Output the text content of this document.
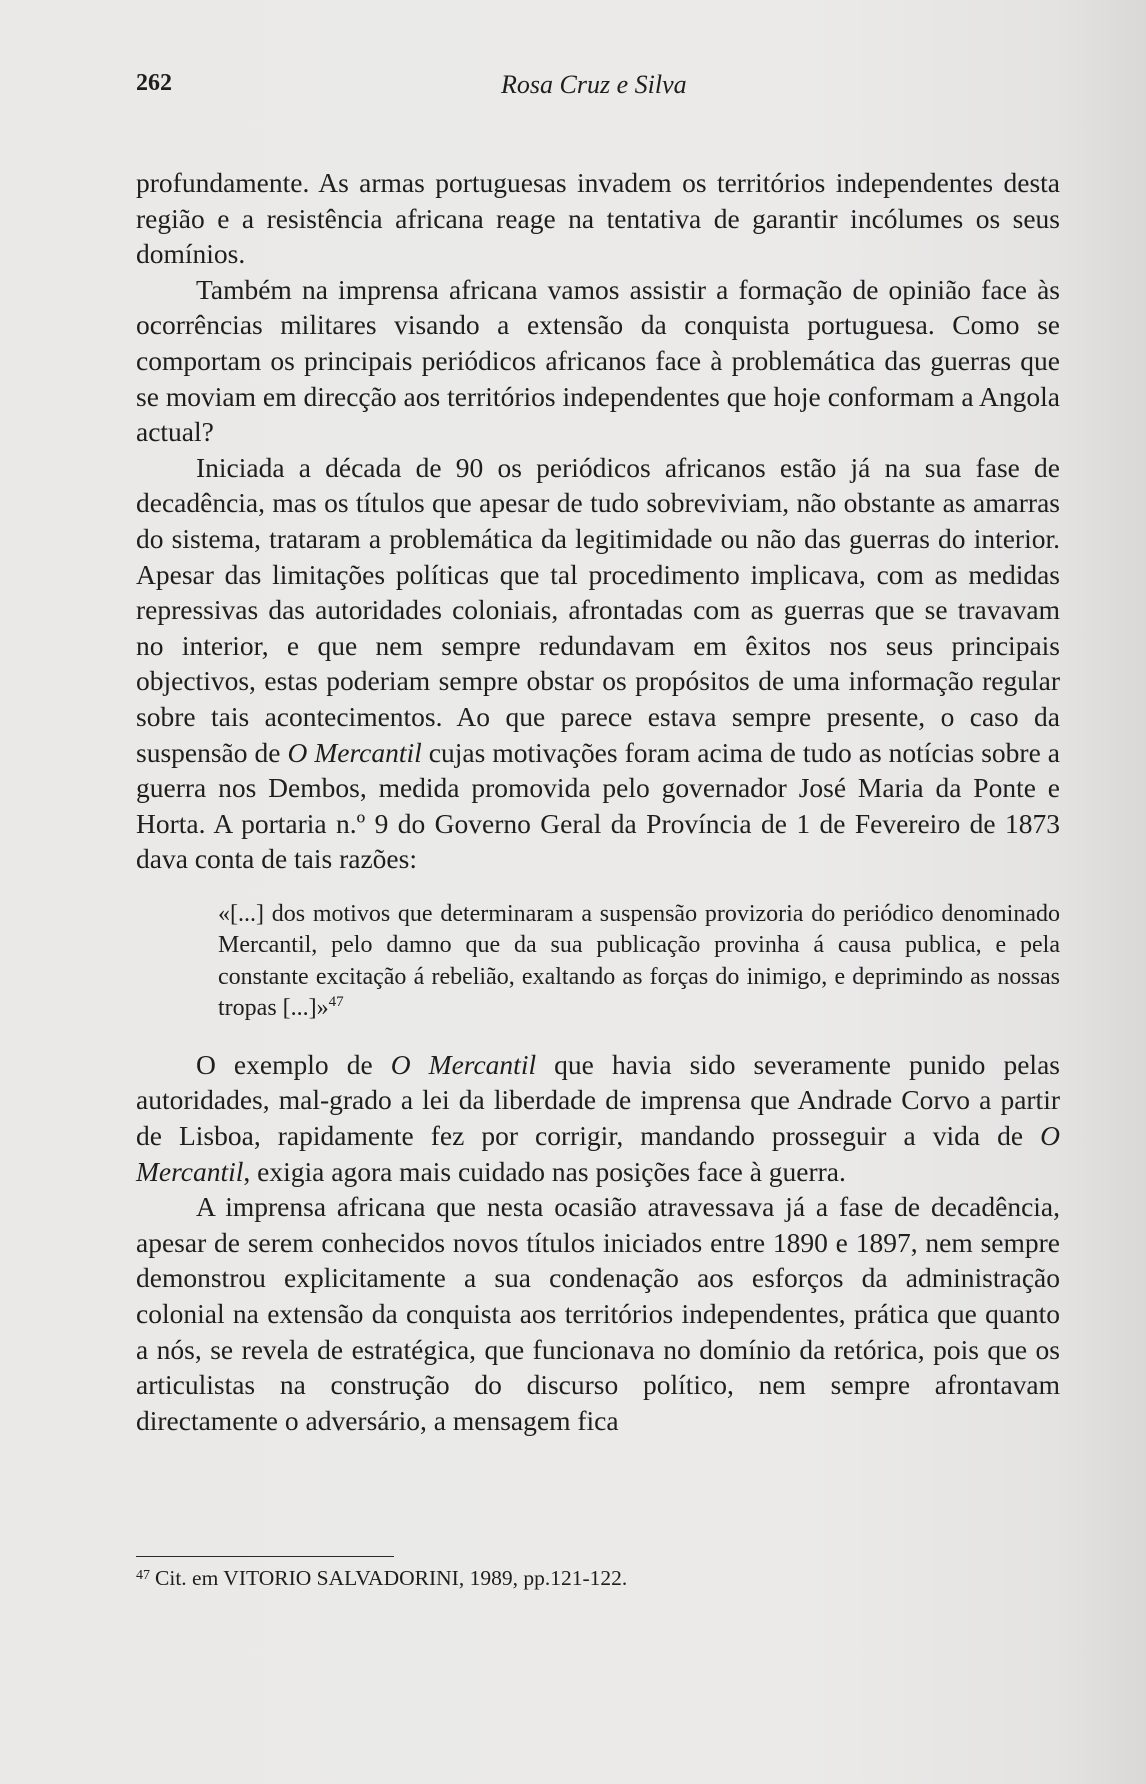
262	Rosa Cruz e Silva

profundamente. As armas portuguesas invadem os territórios independentes desta região e a resistência africana reage na tentativa de garantir incólumes os seus domínios.

Também na imprensa africana vamos assistir a formação de opinião face às ocorrências militares visando a extensão da conquista portuguesa. Como se comportam os principais periódicos africanos face à problemática das guerras que se moviam em direcção aos territórios independentes que hoje conformam a Angola actual?

Iniciada a década de 90 os periódicos africanos estão já na sua fase de decadência, mas os títulos que apesar de tudo sobreviviam, não obstante as amarras do sistema, trataram a problemática da legitimidade ou não das guerras do interior. Apesar das limitações políticas que tal procedimento implicava, com as medidas repressivas das autoridades coloniais, afrontadas com as guerras que se travavam no interior, e que nem sempre redundavam em êxitos nos seus principais objectivos, estas poderiam sempre obstar os propósitos de uma informação regular sobre tais acontecimentos. Ao que parece estava sempre presente, o caso da suspensão de O Mercantil cujas motivações foram acima de tudo as notícias sobre a guerra nos Dembos, medida promovida pelo governador José Maria da Ponte e Horta. A portaria n.º 9 do Governo Geral da Província de 1 de Fevereiro de 1873 dava conta de tais razões:

«[...] dos motivos que determinaram a suspensão provizoria do periódico denominado Mercantil, pelo damno que da sua publicação provinha á causa publica, e pela constante excitação á rebelião, exaltando as forças do inimigo, e deprimindo as nossas tropas [...]»$^{47}$

O exemplo de O Mercantil que havia sido severamente punido pelas autoridades, mal-grado a lei da liberdade de imprensa que Andrade Corvo a partir de Lisboa, rapidamente fez por corrigir, mandando prosseguir a vida de O Mercantil, exigia agora mais cuidado nas posições face à guerra.

A imprensa africana que nesta ocasião atravessava já a fase de decadência, apesar de serem conhecidos novos títulos iniciados entre 1890 e 1897, nem sempre demonstrou explicitamente a sua condenação aos esforços da administração colonial na extensão da conquista aos territórios independentes, prática que quanto a nós, se revela de estratégica, que funcionava no domínio da retórica, pois que os articulistas na construção do discurso político, nem sempre afrontavam directamente o adversário, a mensagem fica

$^{47}$ Cit. em VITORIO SALVADORINI, 1989, pp.121-122.
